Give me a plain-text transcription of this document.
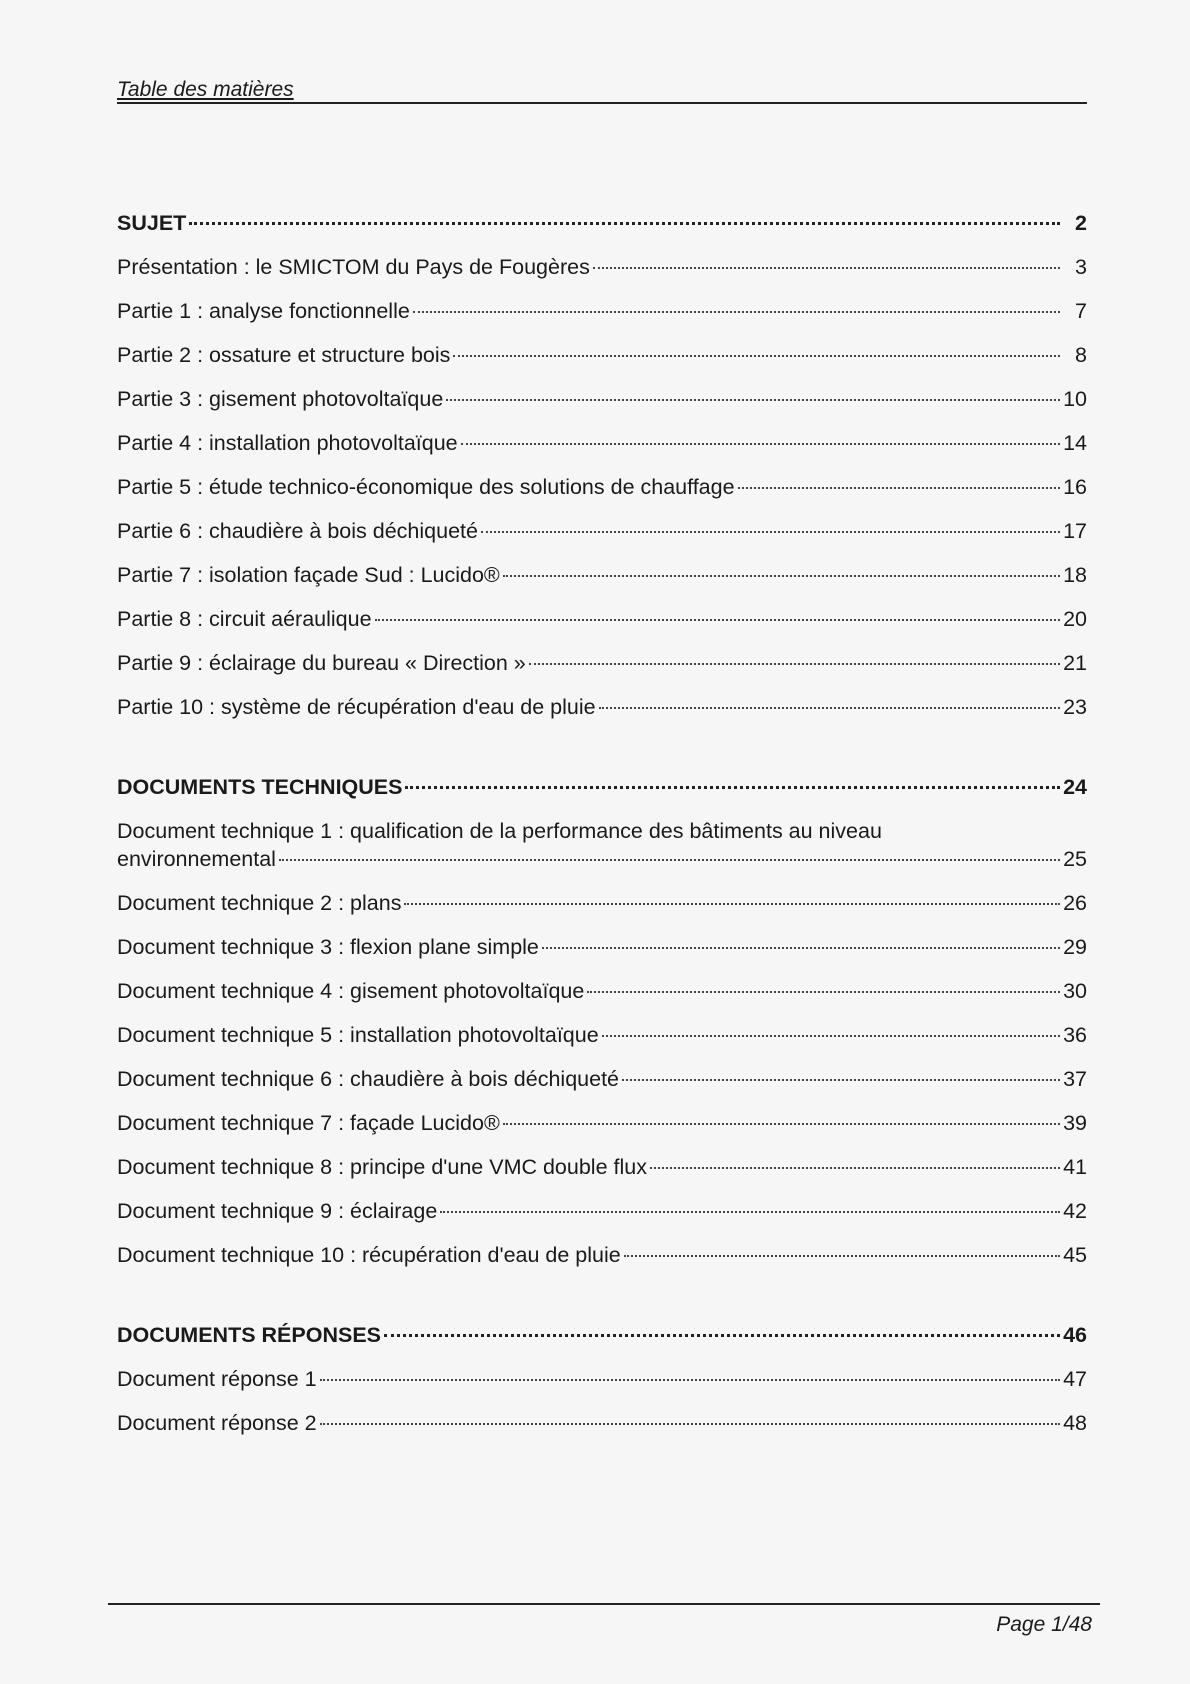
Table des matières
SUJET	2
Présentation : le SMICTOM du Pays de Fougères	3
Partie 1 : analyse fonctionnelle	7
Partie 2 : ossature et structure bois	8
Partie 3 : gisement photovoltaïque	10
Partie 4 : installation photovoltaïque	14
Partie 5 : étude technico-économique des solutions de chauffage	16
Partie 6 : chaudière à bois déchiqueté	17
Partie 7 : isolation façade Sud : Lucido®	18
Partie 8 : circuit aéraulique	20
Partie 9 : éclairage du bureau « Direction »	21
Partie 10 : système de récupération d'eau de pluie	23
DOCUMENTS TECHNIQUES	24
Document technique 1 : qualification de la performance des bâtiments au niveau
environnemental	25
Document technique 2 : plans	26
Document technique 3 : flexion plane simple	29
Document technique 4 : gisement photovoltaïque	30
Document technique 5 : installation photovoltaïque	36
Document technique 6 : chaudière à bois déchiqueté	37
Document technique 7 : façade Lucido®	39
Document technique 8 : principe d'une VMC double flux	41
Document technique 9 : éclairage	42
Document technique 10 : récupération d'eau de pluie	45
DOCUMENTS RÉPONSES	46
Document réponse 1	47
Document réponse 2	48
Page 1/48
